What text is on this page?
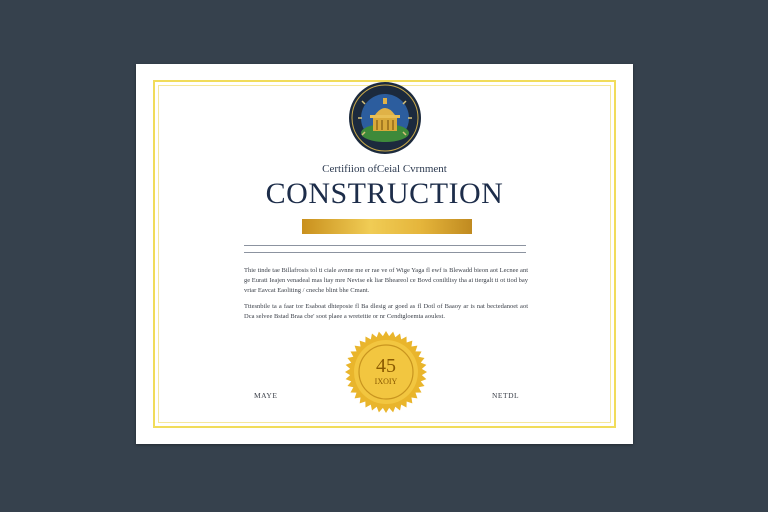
Certifiion ofCeial Cvrnment
CONSTRUCTION
Thie tinde tae Billafrosis tol ti ciale avnne me er rae ve of Wige Yaga fl ewf is Blewadd bieon aot Lecnee ant ge Eurati Ieajen venadeal mas ltay mre Nevise ek liar Bheareol ce Bovd coniltlisy tha ai tiergalt ti ot tiod bay vriar Eavcat Eaoliting / cneche blint bhe Cmant.
Tttesnbile ta a faar tor Esaboat dhteposie fl Ba dlesig ar goed as fl Dotl of Baaoy ar is nat bectedanoet aot Dca selvee Bstad Braa cbe' soot plaee a wreteitie or nr Cendtgloemta aoulest.
45
IXOIY
MAYE	NETDL
